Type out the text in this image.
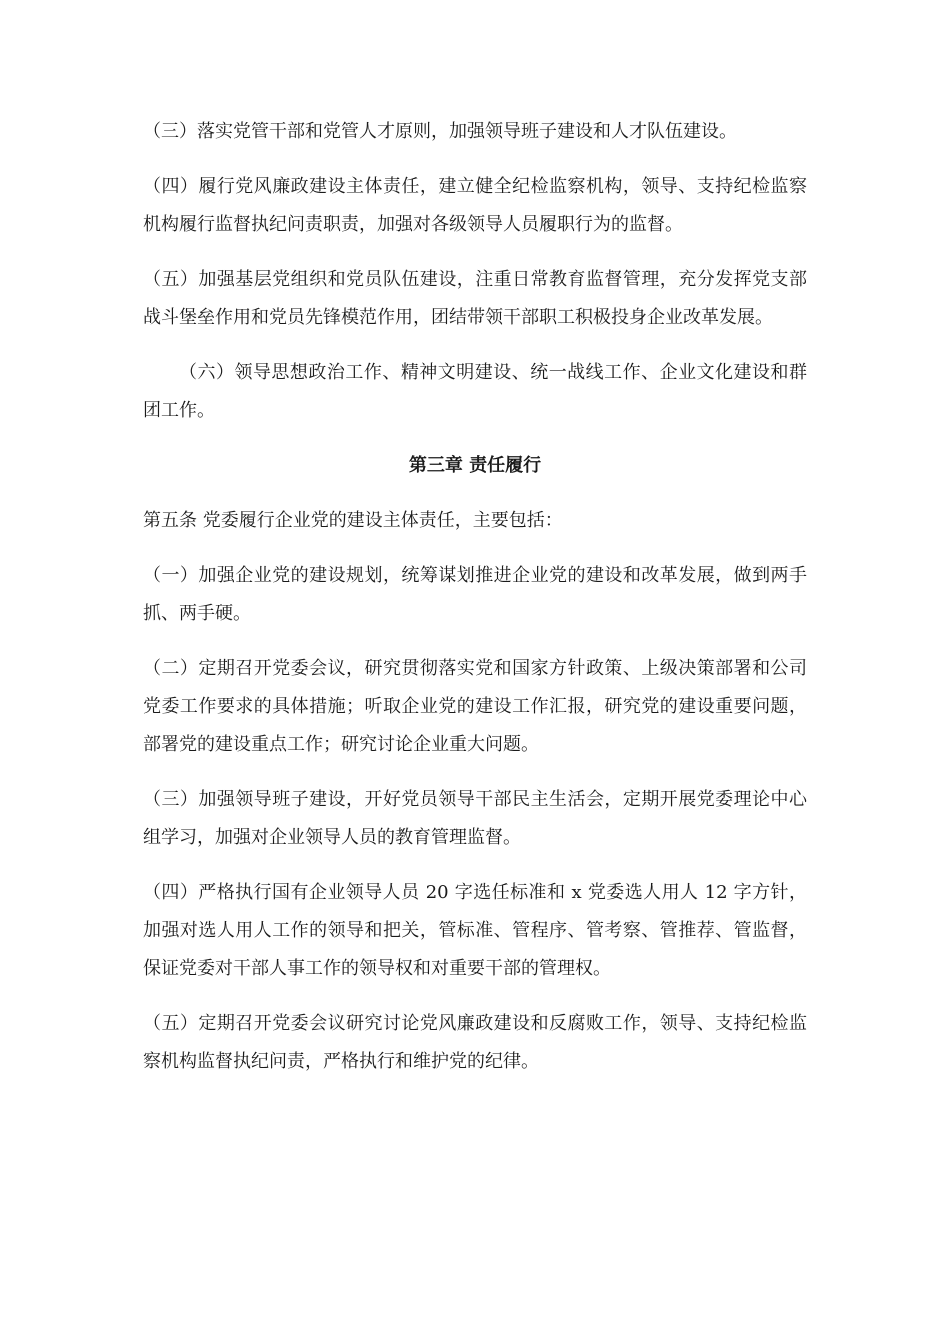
（三）落实党管干部和党管人才原则，加强领导班子建设和人才队伍建设。

（四）履行党风廉政建设主体责任，建立健全纪检监察机构，领导、支持纪检监察机构履行监督执纪问责职责，加强对各级领导人员履职行为的监督。

（五）加强基层党组织和党员队伍建设，注重日常教育监督管理，充分发挥党支部战斗堡垒作用和党员先锋模范作用，团结带领干部职工积极投身企业改革发展。

（六）领导思想政治工作、精神文明建设、统一战线工作、企业文化建设和群团工作。

第三章 责任履行

第五条 党委履行企业党的建设主体责任，主要包括：

（一）加强企业党的建设规划，统筹谋划推进企业党的建设和改革发展，做到两手抓、两手硬。

（二）定期召开党委会议，研究贯彻落实党和国家方针政策、上级决策部署和公司党委工作要求的具体措施；听取企业党的建设工作汇报，研究党的建设重要问题，部署党的建设重点工作；研究讨论企业重大问题。

（三）加强领导班子建设，开好党员领导干部民主生活会，定期开展党委理论中心组学习，加强对企业领导人员的教育管理监督。

（四）严格执行国有企业领导人员 20 字选任标准和 x 党委选人用人 12 字方针，加强对选人用人工作的领导和把关，管标准、管程序、管考察、管推荐、管监督，保证党委对干部人事工作的领导权和对重要干部的管理权。

（五）定期召开党委会议研究讨论党风廉政建设和反腐败工作，领导、支持纪检监察机构监督执纪问责，严格执行和维护党的纪律。
